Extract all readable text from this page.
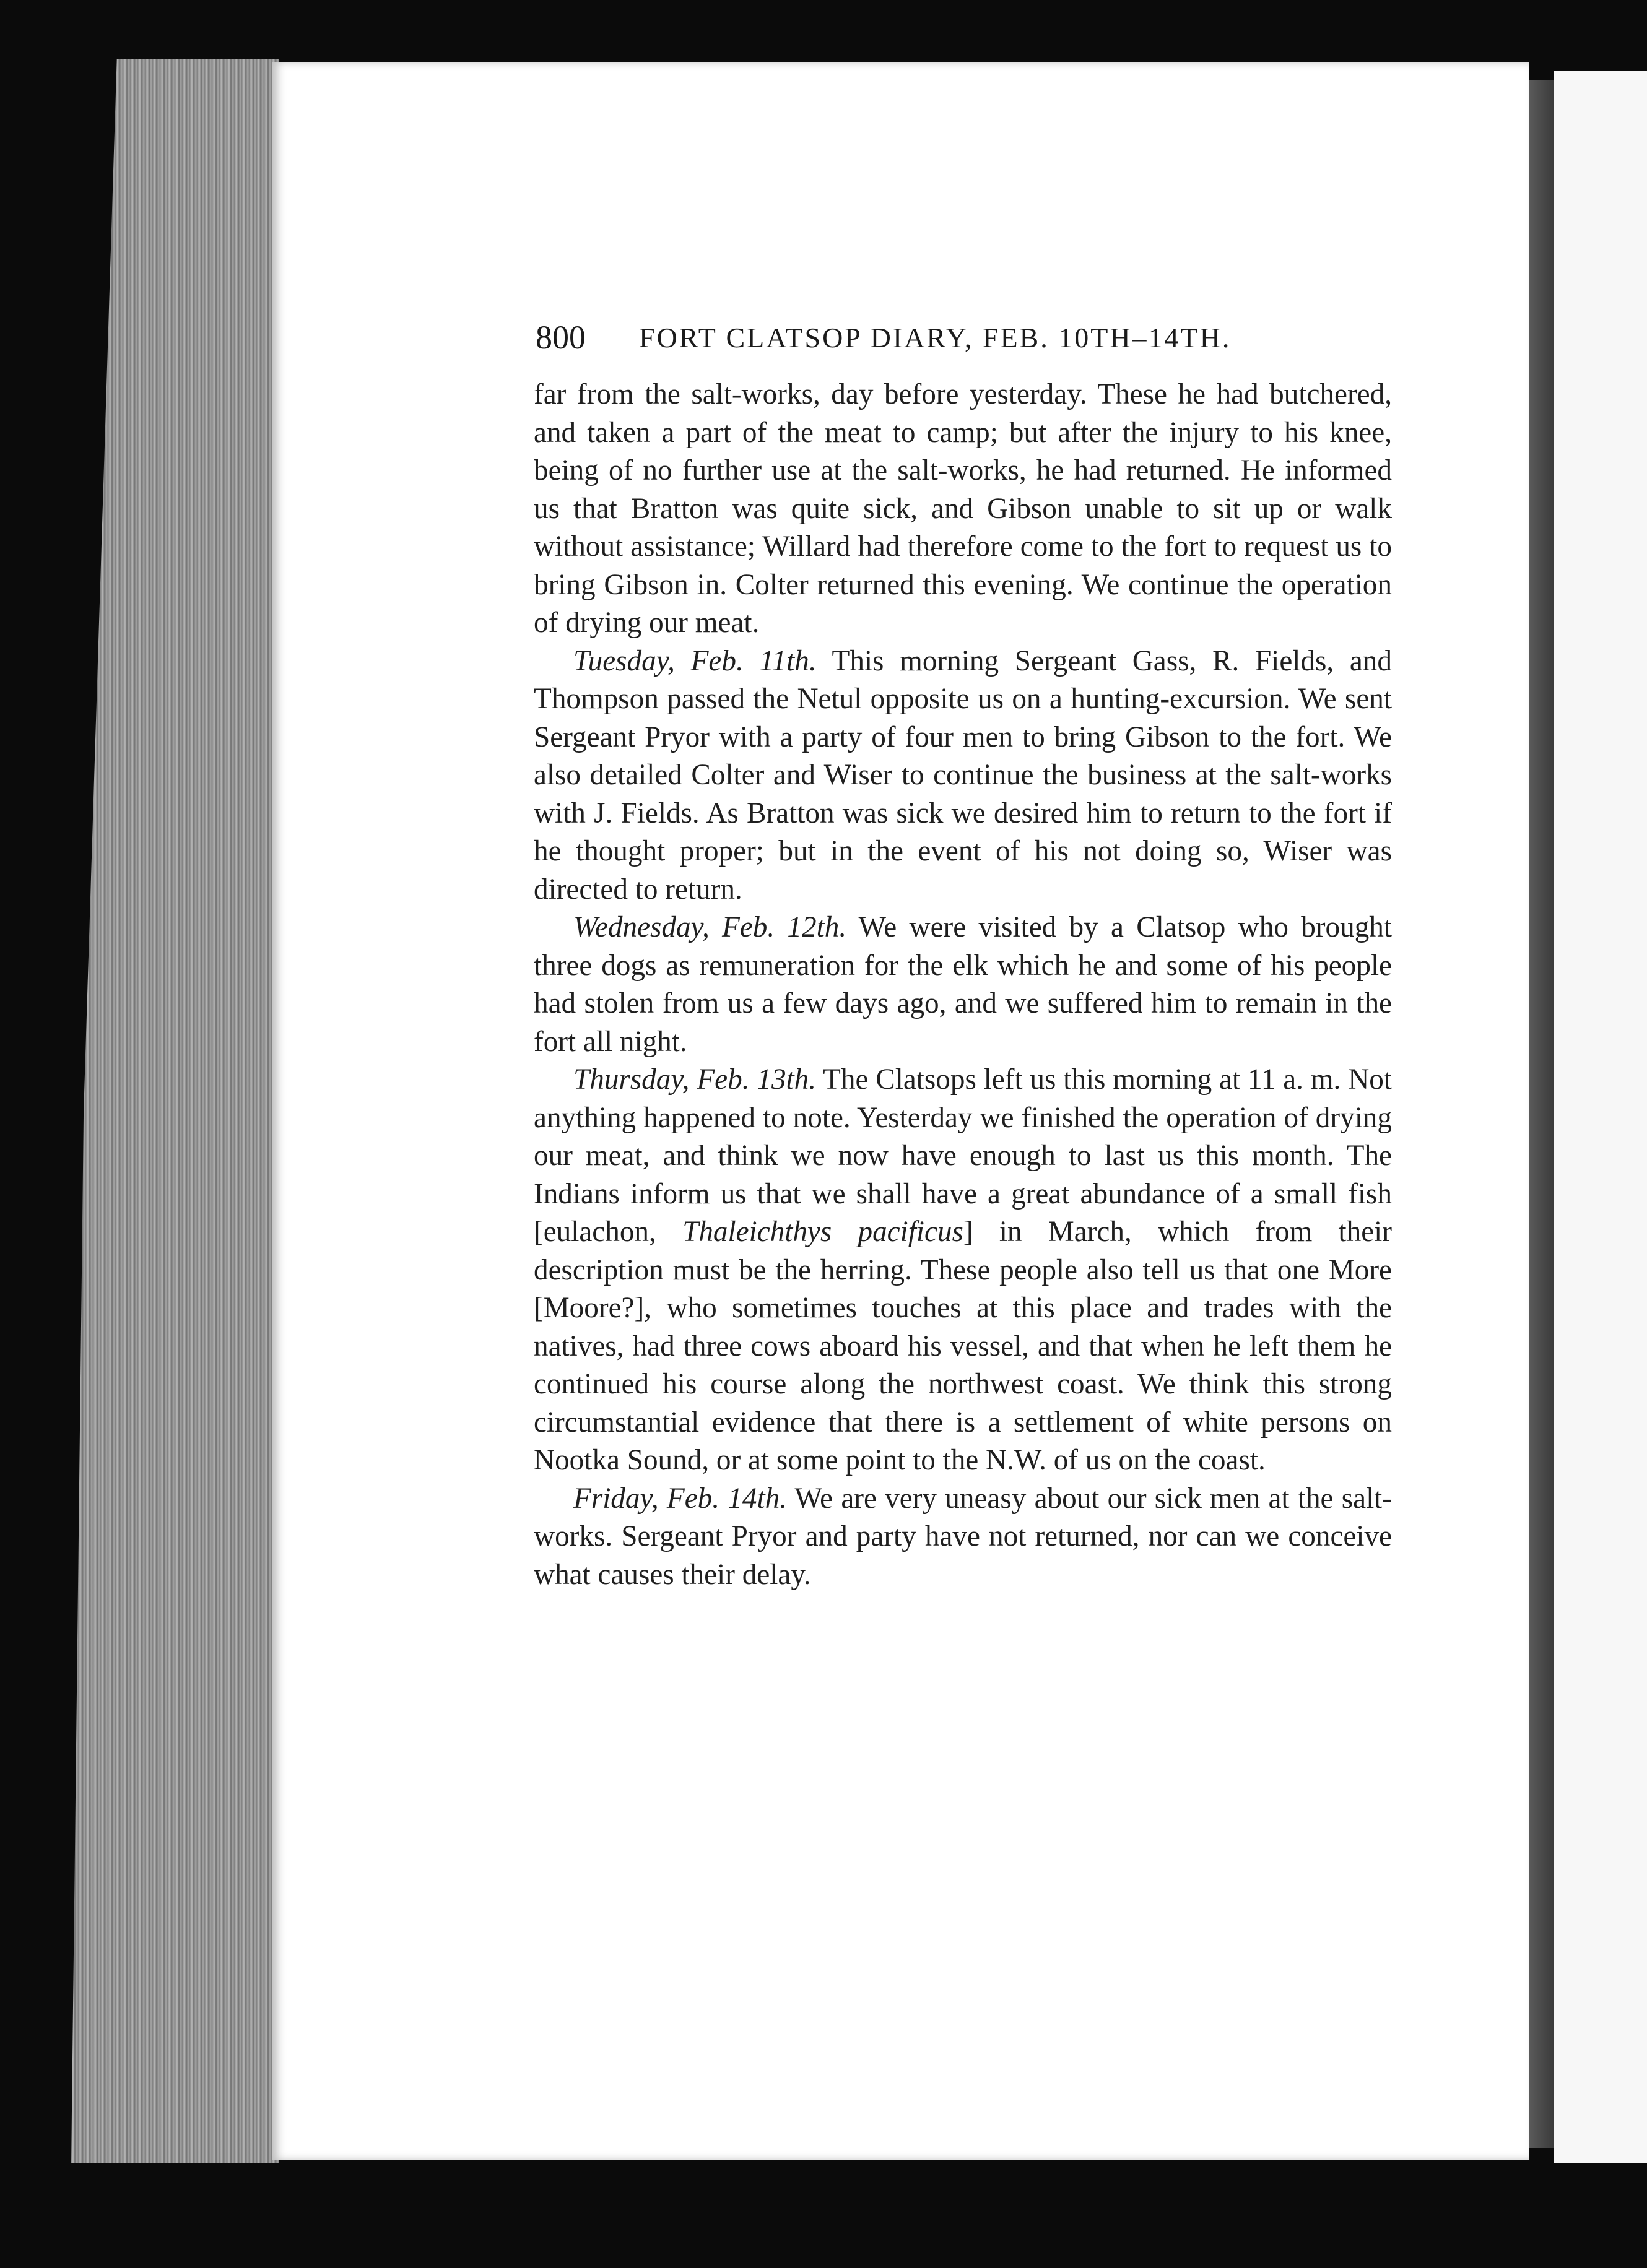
800 FORT CLATSOP DIARY, FEB. 10TH–14TH.

far from the salt-works, day before yesterday. These he had butchered, and taken a part of the meat to camp; but after the injury to his knee, being of no further use at the salt-works, he had returned. He informed us that Bratton was quite sick, and Gibson unable to sit up or walk without assistance; Willard had therefore come to the fort to request us to bring Gibson in. Colter returned this evening. We continue the operation of drying our meat.

Tuesday, Feb. 11th. This morning Sergeant Gass, R. Fields, and Thompson passed the Netul opposite us on a hunting-excursion. We sent Sergeant Pryor with a party of four men to bring Gibson to the fort. We also detailed Colter and Wiser to continue the business at the salt-works with J. Fields. As Bratton was sick we desired him to return to the fort if he thought proper; but in the event of his not doing so, Wiser was directed to return.

Wednesday, Feb. 12th. We were visited by a Clatsop who brought three dogs as remuneration for the elk which he and some of his people had stolen from us a few days ago, and we suffered him to remain in the fort all night.

Thursday, Feb. 13th. The Clatsops left us this morning at 11 a. m. Not anything happened to note. Yesterday we finished the operation of drying our meat, and think we now have enough to last us this month. The Indians inform us that we shall have a great abundance of a small fish [eulachon, Thaleichthys pacificus] in March, which from their description must be the herring. These people also tell us that one More [Moore?], who sometimes touches at this place and trades with the natives, had three cows aboard his vessel, and that when he left them he continued his course along the northwest coast. We think this strong circumstantial evidence that there is a settlement of white persons on Nootka Sound, or at some point to the N.W. of us on the coast.

Friday, Feb. 14th. We are very uneasy about our sick men at the salt-works. Sergeant Pryor and party have not returned, nor can we conceive what causes their delay.
